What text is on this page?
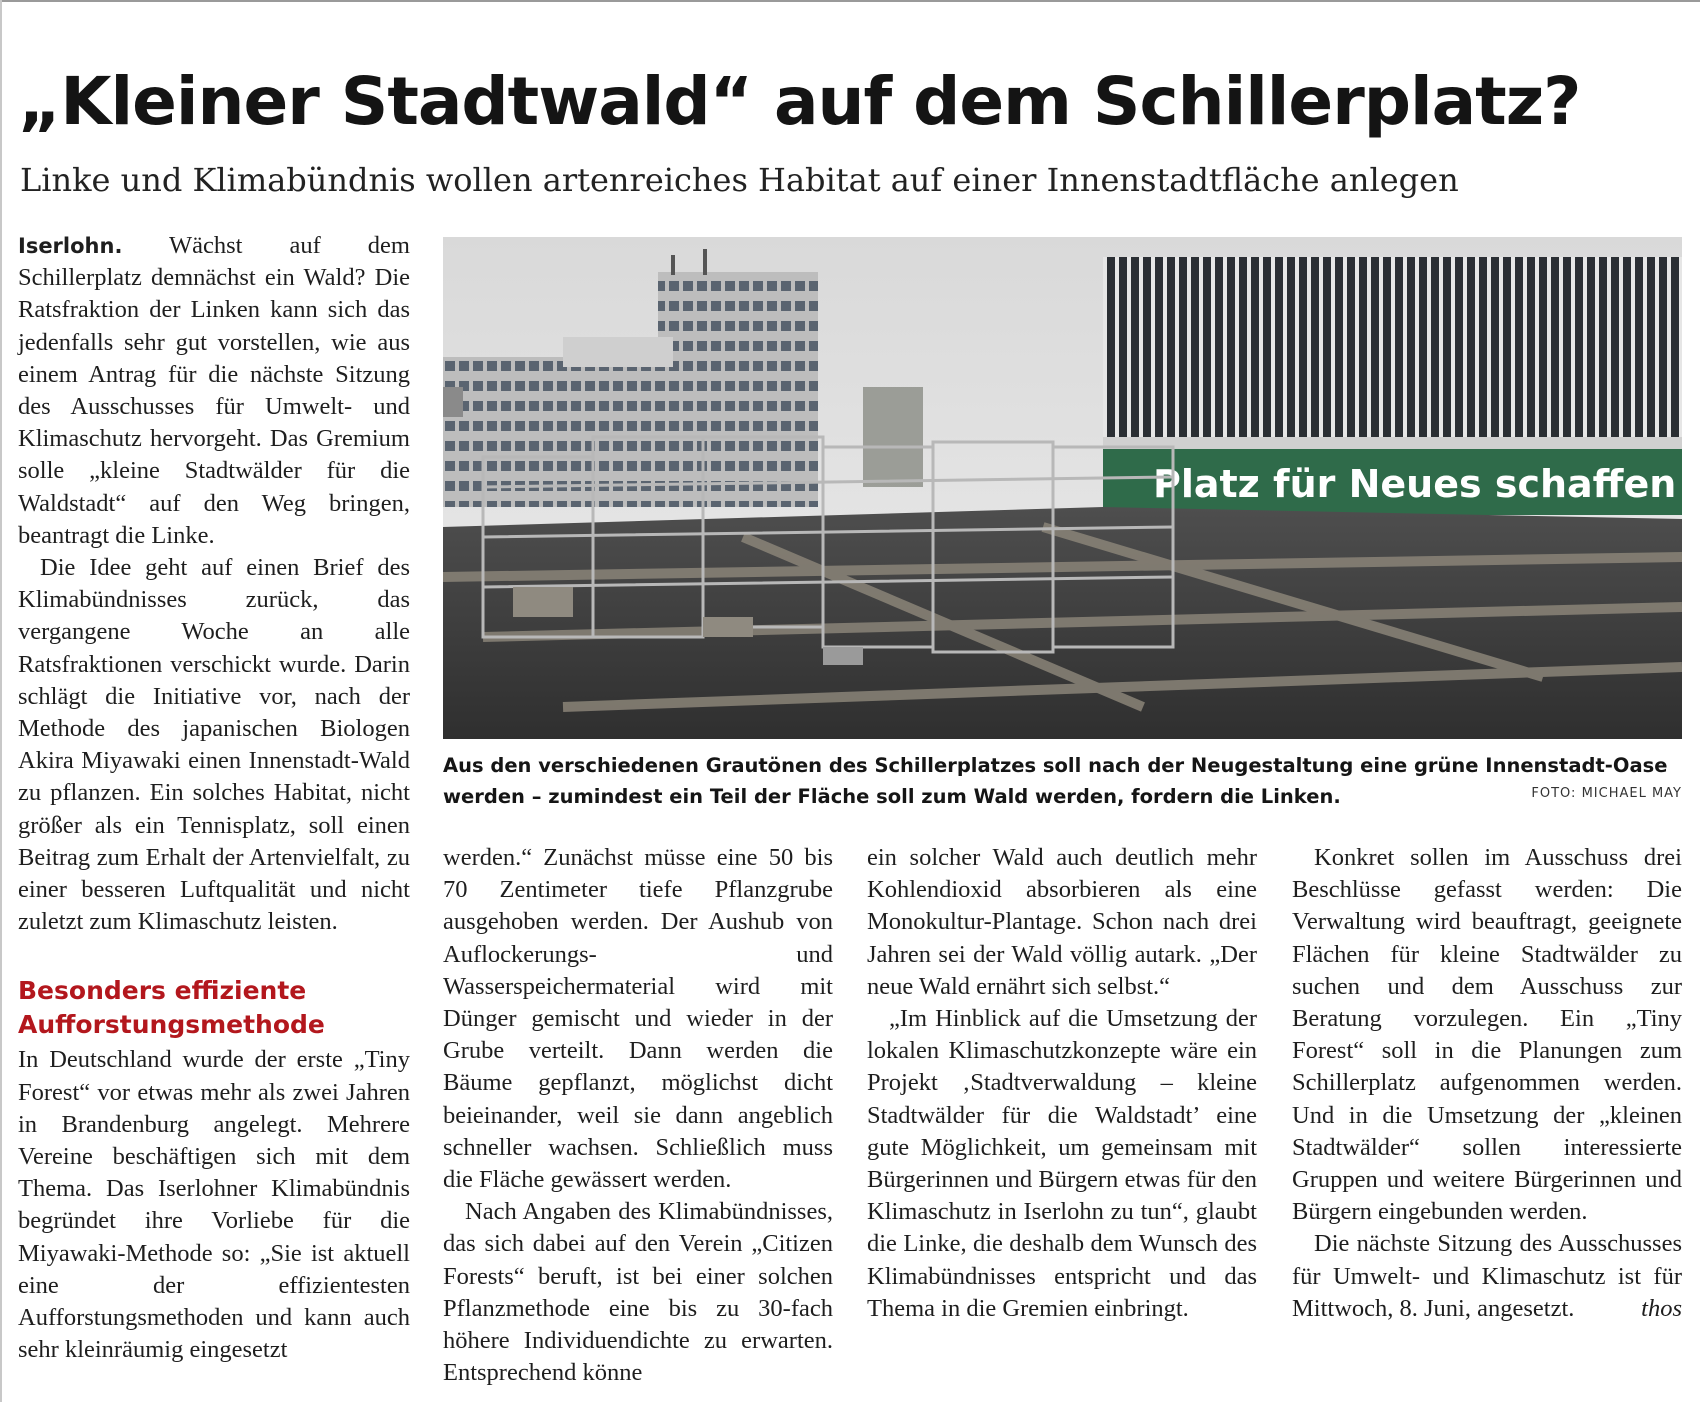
„Kleiner Stadtwald“ auf dem Schillerplatz?
Linke und Klimabündnis wollen artenreiches Habitat auf einer Innenstadtfläche anlegen

Iserlohn. Wächst auf dem Schillerplatz demnächst ein Wald? Die Ratsfraktion der Linken kann sich das jedenfalls sehr gut vorstellen, wie aus einem Antrag für die nächste Sitzung des Ausschusses für Umwelt- und Klimaschutz hervorgeht. Das Gremium solle „kleine Stadtwälder für die Waldstadt“ auf den Weg bringen, beantragt die Linke.

Die Idee geht auf einen Brief des Klimabündnisses zurück, das vergangene Woche an alle Ratsfraktionen verschickt wurde. Darin schlägt die Initiative vor, nach der Methode des japanischen Biologen Akira Miyawaki einen Innenstadt-Wald zu pflanzen. Ein solches Habitat, nicht größer als ein Tennisplatz, soll einen Beitrag zum Erhalt der Artenvielfalt, zu einer besseren Luftqualität und nicht zuletzt zum Klimaschutz leisten.

Besonders effiziente Aufforstungsmethode

In Deutschland wurde der erste „Tiny Forest“ vor etwas mehr als zwei Jahren in Brandenburg angelegt. Mehrere Vereine beschäftigen sich mit dem Thema. Das Iserlohner Klimabündnis begründet ihre Vorliebe für die Miyawaki-Methode so: „Sie ist aktuell eine der effizientesten Aufforstungsmethoden und kann auch sehr kleinräumig eingesetzt

werden.“ Zunächst müsse eine 50 bis 70 Zentimeter tiefe Pflanzgrube ausgehoben werden. Der Aushub von Auflockerungs- und Wasserspeichermaterial wird mit Dünger gemischt und wieder in der Grube verteilt. Dann werden die Bäume gepflanzt, möglichst dicht beieinander, weil sie dann angeblich schneller wachsen. Schließlich muss die Fläche gewässert werden.

Nach Angaben des Klimabündnisses, das sich dabei auf den Verein „Citizen Forests“ beruft, ist bei einer solchen Pflanzmethode eine bis zu 30-fach höhere Individuendichte zu erwarten. Entsprechend könne

ein solcher Wald auch deutlich mehr Kohlendioxid absorbieren als eine Monokultur-Plantage. Schon nach drei Jahren sei der Wald völlig autark. „Der neue Wald ernährt sich selbst.“

„Im Hinblick auf die Umsetzung der lokalen Klimaschutzkonzepte wäre ein Projekt ‚Stadtverwaldung – kleine Stadtwälder für die Waldstadt’ eine gute Möglichkeit, um gemeinsam mit Bürgerinnen und Bürgern etwas für den Klimaschutz in Iserlohn zu tun“, glaubt die Linke, die deshalb dem Wunsch des Klimabündnisses entspricht und das Thema in die Gremien einbringt.

Konkret sollen im Ausschuss drei Beschlüsse gefasst werden: Die Verwaltung wird beauftragt, geeignete Flächen für kleine Stadtwälder zu suchen und dem Ausschuss zur Beratung vorzulegen. Ein „Tiny Forest“ soll in die Planungen zum Schillerplatz aufgenommen werden. Und in die Umsetzung der „kleinen Stadtwälder“ sollen interessierte Gruppen und weitere Bürgerinnen und Bürgern eingebunden werden.

Die nächste Sitzung des Ausschusses für Umwelt- und Klimaschutz ist für Mittwoch, 8. Juni, angesetzt.	thos
Platz für Neues schaffen

Aus den verschiedenen Grautönen des Schillerplatzes soll nach der Neugestaltung eine grüne Innenstadt-Oase werden – zumindest ein Teil der Fläche soll zum Wald werden, fordern die Linken.	FOTO: MICHAEL MAY
